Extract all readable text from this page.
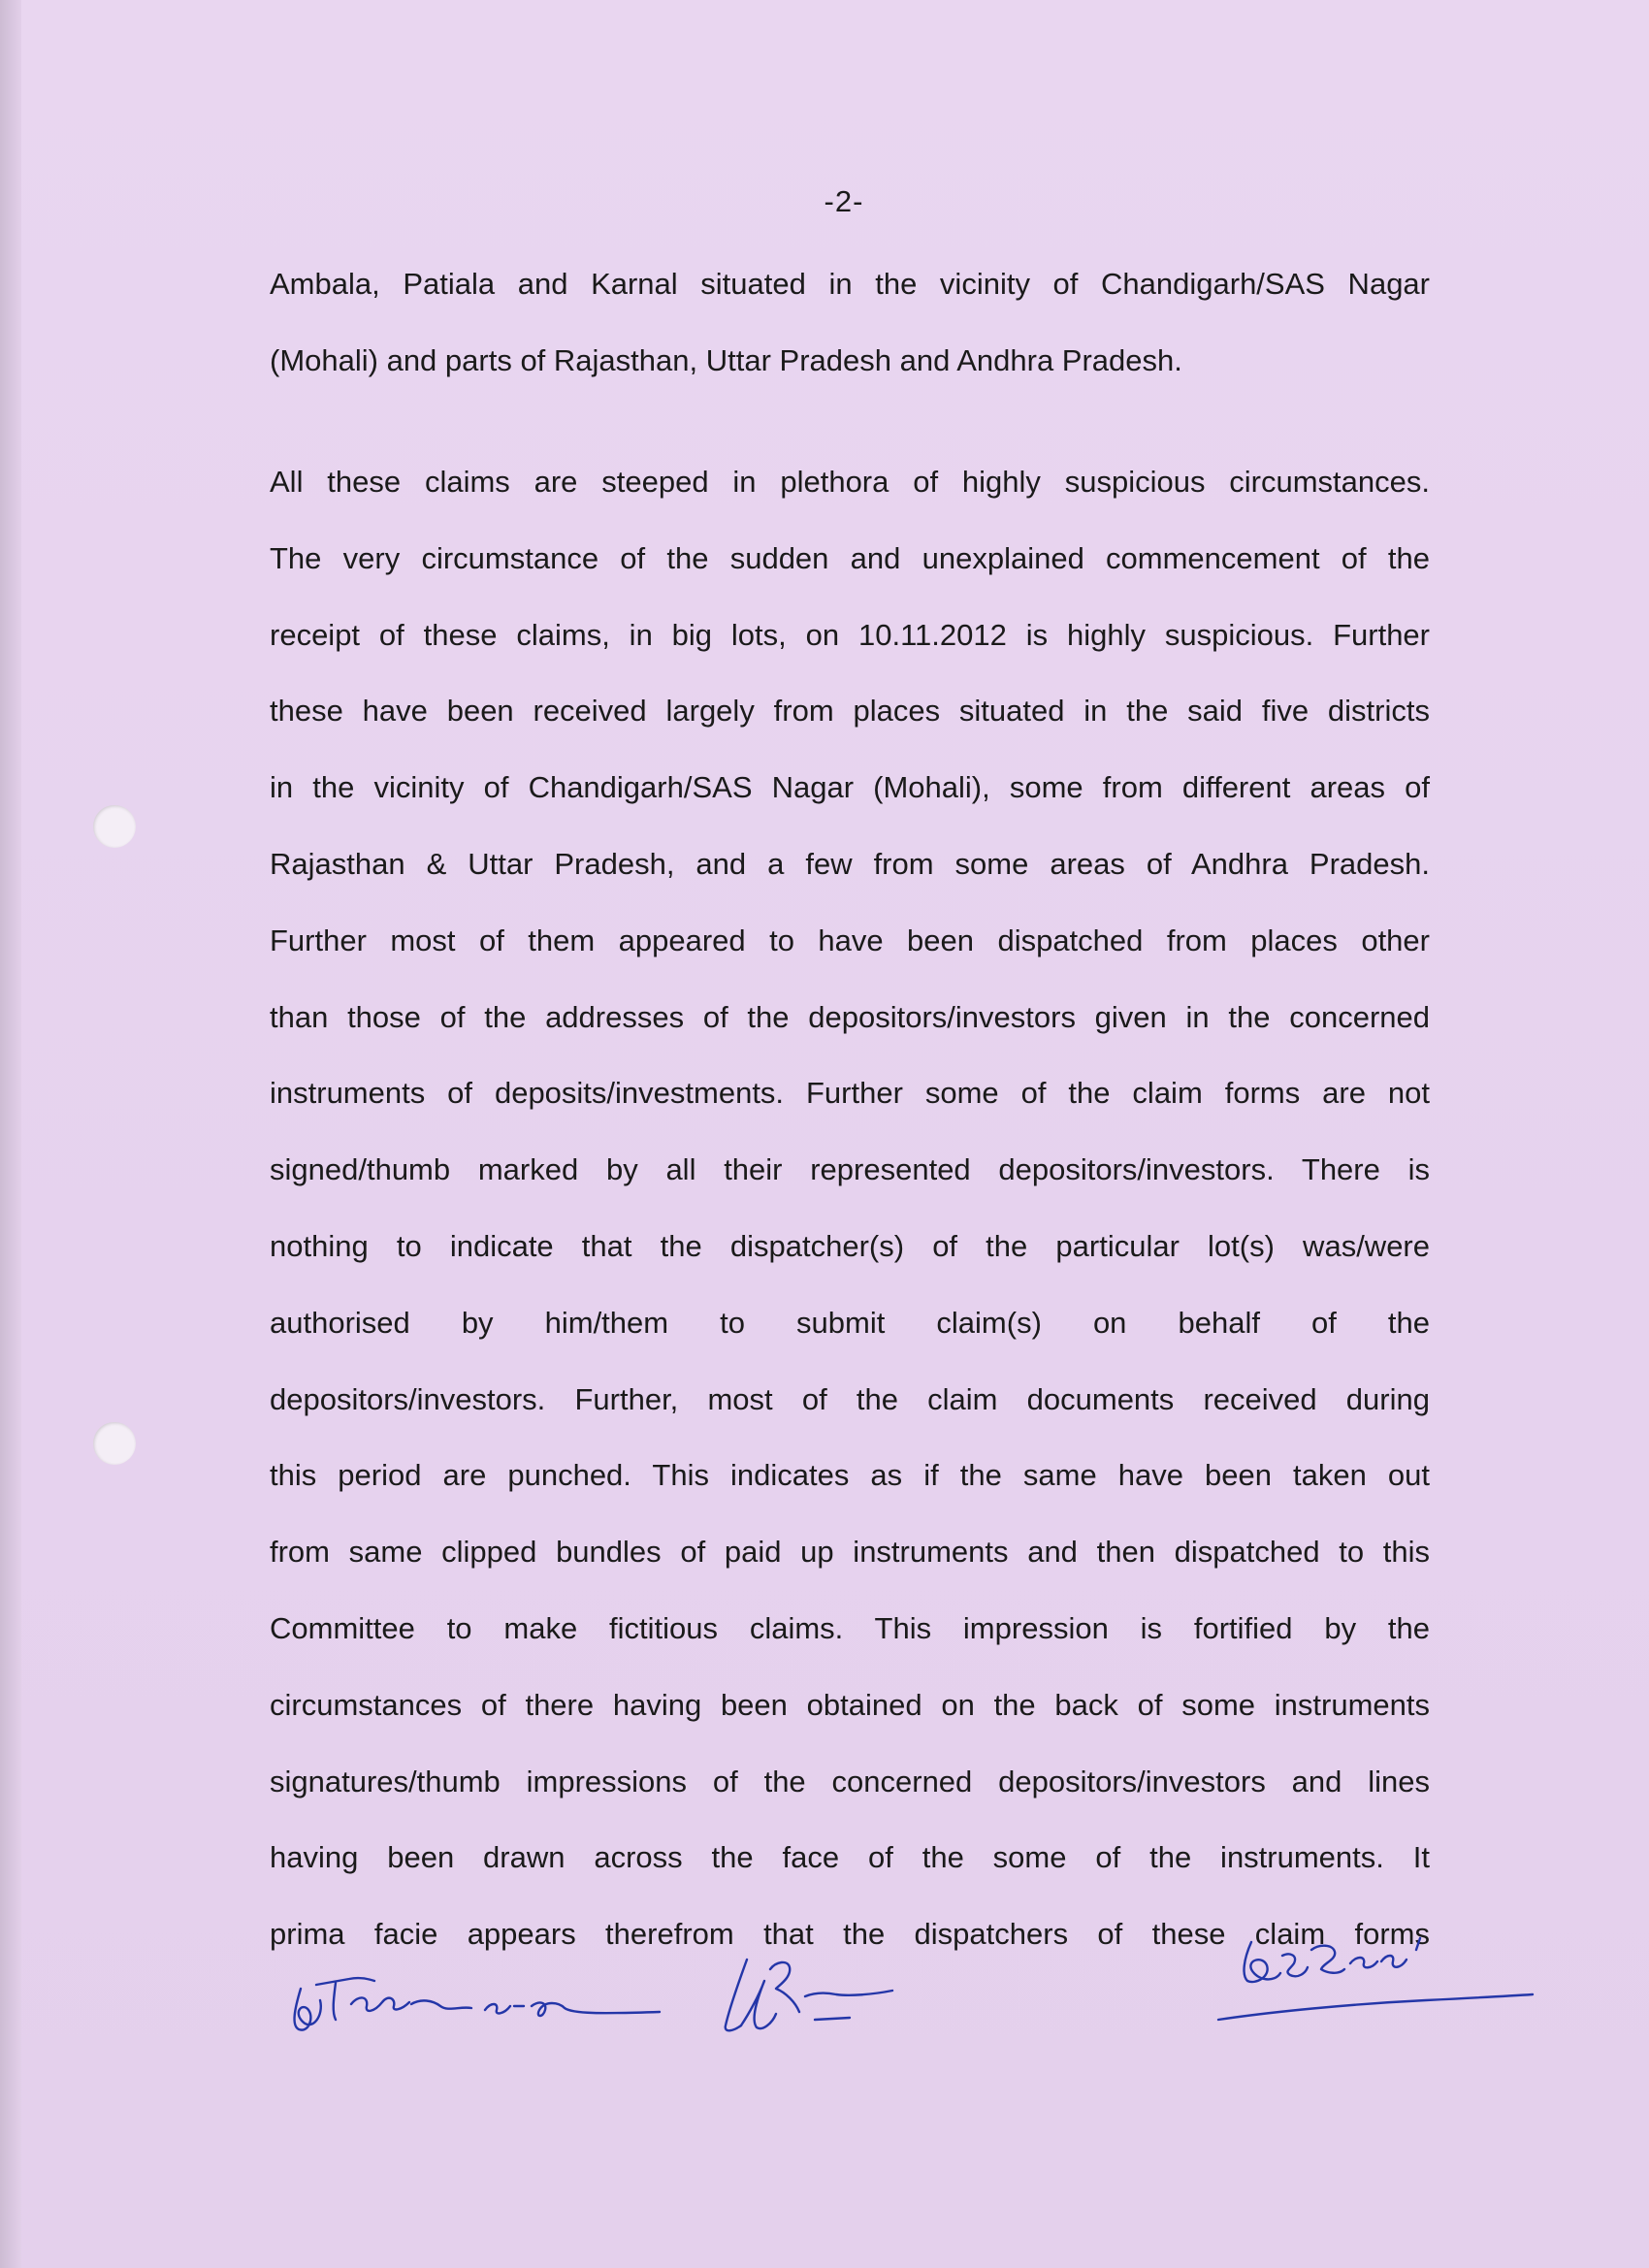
-2-
Ambala, Patiala and Karnal situated in the vicinity of Chandigarh/SAS Nagar
(Mohali) and parts of Rajasthan, Uttar Pradesh and Andhra Pradesh.
All these claims are steeped in plethora of highly suspicious circumstances.
The very circumstance of the sudden and unexplained commencement of the
receipt of these claims, in big lots, on 10.11.2012 is highly suspicious. Further
these have been received largely from places situated in the said five districts
in the vicinity of Chandigarh/SAS Nagar (Mohali), some from different areas of
Rajasthan & Uttar Pradesh, and a few from some areas of Andhra Pradesh.
Further most of them appeared to have been dispatched from places other
than those of the addresses of the depositors/investors given in the concerned
instruments of deposits/investments. Further some of the claim forms are not
signed/thumb marked by all their represented depositors/investors. There is
nothing to indicate that the dispatcher(s) of the particular lot(s) was/were
authorised by him/them to submit claim(s) on behalf of the
depositors/investors. Further, most of the claim documents received during
this period are punched. This indicates as if the same have been taken out
from same clipped bundles of paid up instruments and then dispatched to this
Committee to make fictitious claims. This impression is fortified by the
circumstances of there having been obtained on the back of some instruments
signatures/thumb impressions of the concerned depositors/investors and lines
having been drawn across the face of the some of the instruments. It
prima facie appears therefrom that the dispatchers of these claim forms
